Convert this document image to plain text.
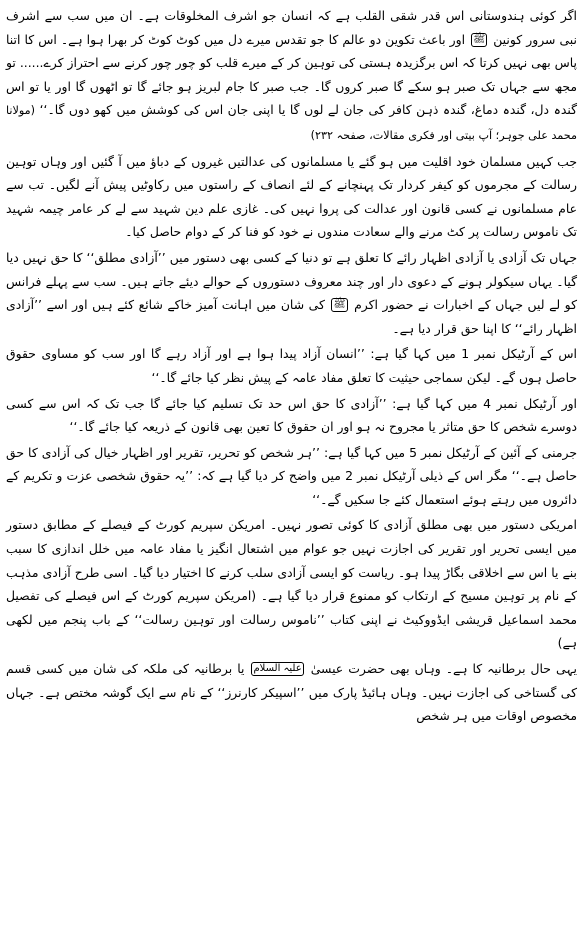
اگر کوئی ہندوستانی اس قدر شقی القلب ہے کہ انسان جو اشرف المخلوقات ہے۔ ان میں سب سے اشرف نبی سرور کونین ﷺ اور باعث تکوین دو عالم کا جو تقدس میرے دل میں کوٹ کوٹ کر بھرا ہوا ہے۔ اس کا اتنا پاس بھی نہیں کرتا کہ اس برگزیدہ ہستی کی توہین کر کے میرے قلب کو چور چور کرنے سے احتراز کرے...... تو مجھ سے جہاں تک صبر ہو سکے گا صبر کروں گا۔ جب صبر کا جام لبریز ہو جائے گا تو اٹھوں گا اور یا تو اس گندہ دل، گندہ دماغ، گندہ ذہن کافر کی جان لے لوں گا یا اپنی جان اس کی کوشش میں کھو دوں گا۔‘‘ (مولانا محمد علی جوہر؛ آپ بیتی اور فکری مقالات، صفحہ ۲۳۲)

جب کہیں مسلمان خود اقلیت میں ہو گئے یا مسلمانوں کی عدالتیں غیروں کے دباؤ میں آ گئیں اور وہاں توہین رسالت کے مجرموں کو کیفر کردار تک پہنچانے کے لئے انصاف کے راستوں میں رکاوٹیں پیش آنے لگیں۔ تب سے عام مسلمانوں نے کسی قانون اور عدالت کی پروا نہیں کی۔ غازی علم دین شہید سے لے کر عامر چیمہ شہید تک ناموس رسالت پر کٹ مرنے والے سعادت مندوں نے خود کو فنا کر کے دوام حاصل کیا۔

جہاں تک آزادی یا آزادی اظہار رائے کا تعلق ہے تو دنیا کے کسی بھی دستور میں ’’آزادی مطلق‘‘ کا حق نہیں دیا گیا۔ یہاں سیکولر ہونے کے دعوی دار اور چند معروف دستوروں کے حوالے دیئے جاتے ہیں۔ سب سے پہلے فرانس کو لے لیں جہاں کے اخبارات نے حضور اکرم ﷺ کی شان میں اہانت آمیز خاکے شائع کئے ہیں اور اسے ’’آزادی اظہار رائے‘‘ کا اپنا حق قرار دیا ہے۔

اس کے آرٹیکل نمبر 1 میں کہا گیا ہے: ’’انسان آزاد پیدا ہوا ہے اور آزاد رہے گا اور سب کو مساوی حقوق حاصل ہوں گے۔ لیکن سماجی حیثیت کا تعلق مفاد عامہ کے پیش نظر کیا جائے گا۔‘‘

اور آرٹیکل نمبر 4 میں کہا گیا ہے: ’’آزادی کا حق اس حد تک تسلیم کیا جائے گا جب تک کہ اس سے کسی دوسرے شخص کا حق متاثر یا مجروح نہ ہو اور ان حقوق کا تعین بھی قانون کے ذریعہ کیا جائے گا۔‘‘

جرمنی کے آئین کے آرٹیکل نمبر 5 میں کہا گیا ہے: ’’ہر شخص کو تحریر، تقریر اور اظہار خیال کی آزادی کا حق حاصل ہے۔‘‘ مگر اس کے ذیلی آرٹیکل نمبر 2 میں واضح کر دیا گیا ہے کہ: ’’یہ حقوق شخصی عزت و تکریم کے دائروں میں رہتے ہوئے استعمال کئے جا سکیں گے۔‘‘

امریکی دستور میں بھی مطلق آزادی کا کوئی تصور نہیں۔ امریکن سپریم کورٹ کے فیصلے کے مطابق دستور میں ایسی تحریر اور تقریر کی اجازت نہیں جو عوام میں اشتعال انگیز یا مفاد عامہ میں خلل اندازی کا سبب بنے یا اس سے اخلاقی بگاڑ پیدا ہو۔ ریاست کو ایسی آزادی سلب کرنے کا اختیار دیا گیا۔ اسی طرح آزادی مذہب کے نام پر توہین مسیح کے ارتکاب کو ممنوع قرار دیا گیا ہے۔ (امریکن سپریم کورٹ کے اس فیصلے کی تفصیل محمد اسماعیل قریشی ایڈووکیٹ نے اپنی کتاب ’’ناموس رسالت اور توہین رسالت‘‘ کے باب پنجم میں لکھی ہے)

یہی حال برطانیہ کا ہے۔ وہاں بھی حضرت عیسیٰ علیہ السلام یا برطانیہ کی ملکہ کی شان میں کسی قسم کی گستاخی کی اجازت نہیں۔ وہاں ہائیڈ پارک میں ’’اسپیکر کارنرز‘‘ کے نام سے ایک گوشہ مختص ہے۔ جہاں مخصوص اوقات میں ہر شخص
